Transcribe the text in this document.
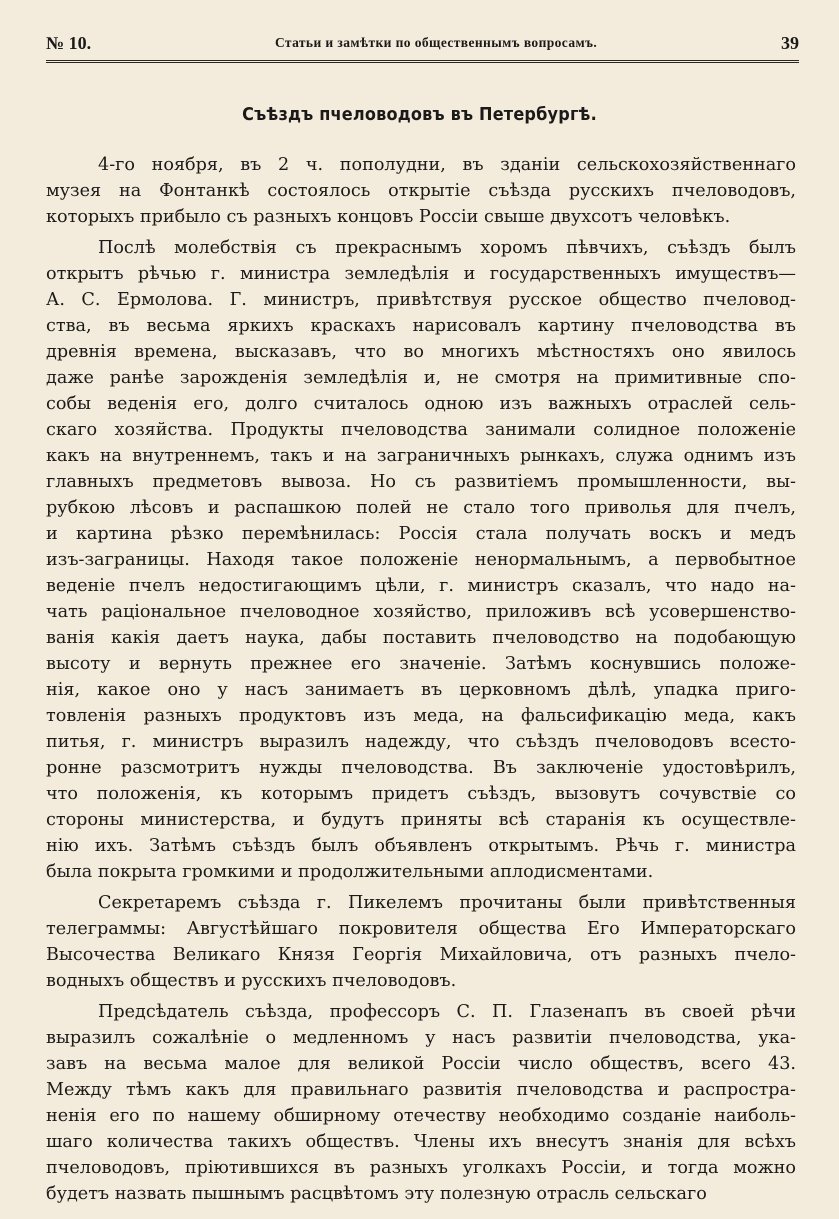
№ 10.	Статьи и замѣтки по общественнымъ вопросамъ.	39
Съѣздъ пчеловодовъ въ Петербургѣ.
4-го ноября, въ 2 ч. пополудни, въ зданіи сельскохозяйственнаго
музея на Фонтанкѣ состоялось открытіе съѣзда русскихъ пчеловодовъ,
которыхъ прибыло съ разныхъ концовъ Россіи свыше двухсотъ человѣкъ.
Послѣ молебствія съ прекраснымъ хоромъ пѣвчихъ, съѣздъ былъ
открытъ рѣчью г. министра земледѣлія и государственныхъ имуществъ—
А. С. Ермолова. Г. министръ, привѣтствуя русское общество пчеловод-
ства, въ весьма яркихъ краскахъ нарисовалъ картину пчеловодства въ
древнія времена, высказавъ, что во многихъ мѣстностяхъ оно явилось
даже ранѣе зарожденія земледѣлія и, не смотря на примитивные спо-
собы веденія его, долго считалось одною изъ важныхъ отраслей сель-
скаго хозяйства. Продукты пчеловодства занимали солидное положеніе
какъ на внутреннемъ, такъ и на заграничныхъ рынкахъ, служа однимъ изъ
главныхъ предметовъ вывоза. Но съ развитіемъ промышленности, вы-
рубкою лѣсовъ и распашкою полей не стало того приволья для пчелъ,
и картина рѣзко перемѣнилась: Россія стала получать воскъ и медъ
изъ-заграницы. Находя такое положеніе ненормальнымъ, а первобытное
веденіе пчелъ недостигающимъ цѣли, г. министръ сказалъ, что надо на-
чать раціональное пчеловодное хозяйство, приложивъ всѣ усовершенство-
ванія какія даетъ наука, дабы поставить пчеловодство на подобающую
высоту и вернуть прежнее его значеніе. Затѣмъ коснувшись положе-
нія, какое оно у насъ занимаетъ въ церковномъ дѣлѣ, упадка приго-
товленія разныхъ продуктовъ изъ меда, на фальсификацію меда, какъ
питья, г. министръ выразилъ надежду, что съѣздъ пчеловодовъ всесто-
ронне разсмотритъ нужды пчеловодства. Въ заключеніе удостовѣрилъ,
что положенія, къ которымъ придетъ съѣздъ, вызовутъ сочувствіе со
стороны министерства, и будутъ приняты всѣ старанія къ осуществле-
нію ихъ. Затѣмъ съѣздъ былъ объявленъ открытымъ. Рѣчь г. министра
была покрыта громкими и продолжительными аплодисментами.
Секретаремъ съѣзда г. Пикелемъ прочитаны были привѣтственныя
телеграммы: Августѣйшаго покровителя общества Его Императорскаго
Высочества Великаго Князя Георгія Михайловича, отъ разныхъ пчело-
водныхъ обществъ и русскихъ пчеловодовъ.
Предсѣдатель съѣзда, профессоръ С. П. Глазенапъ въ своей рѣчи
выразилъ сожалѣніе о медленномъ у насъ развитіи пчеловодства, ука-
завъ на весьма малое для великой Россіи число обществъ, всего 43.
Между тѣмъ какъ для правильнаго развитія пчеловодства и распростра-
ненія его по нашему обширному отечеству необходимо созданіе наиболь-
шаго количества такихъ обществъ. Члены ихъ внесутъ знанія для всѣхъ
пчеловодовъ, пріютившихся въ разныхъ уголкахъ Россіи, и тогда можно
будетъ назвать пышнымъ расцвѣтомъ эту полезную отрасль сельскаго
